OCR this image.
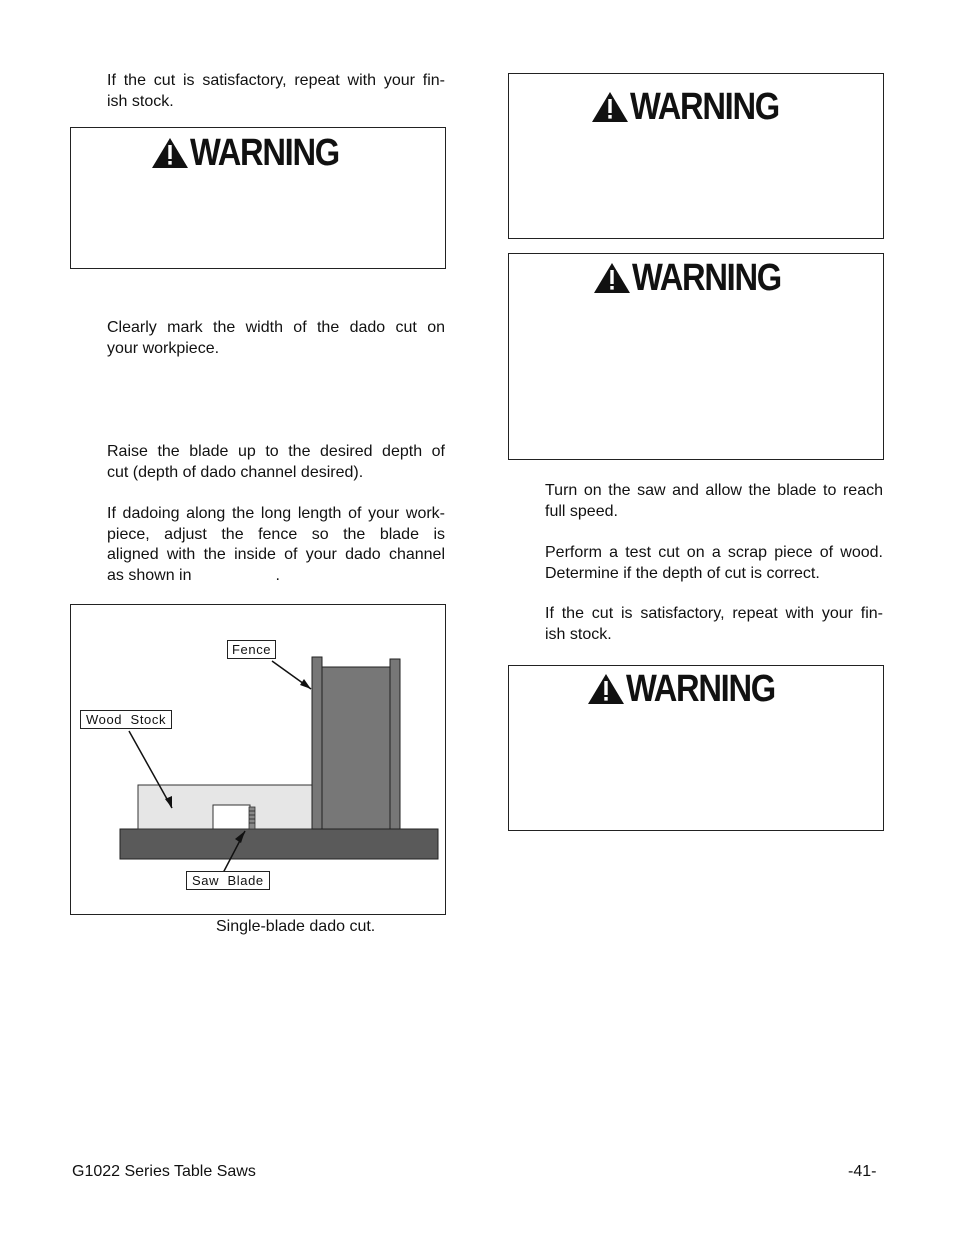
If the cut is satisfactory, repeat with your fin-
ish stock.
WARNING
Clearly mark the width of the dado cut on
your workpiece.
Raise the blade up to the desired depth of
cut (depth of dado channel desired).
If dadoing along the long length of your work-
piece, adjust the fence so the blade is
aligned with the inside of your dado channel
as shown in	.
Fence
Wood  Stock
Saw  Blade
Single-blade dado cut.
WARNING
WARNING
Turn on the saw and allow the blade to reach
full speed.
Perform a test cut on a scrap piece of wood.
Determine if the depth of cut is correct.
If the cut is satisfactory, repeat with your fin-
ish stock.
WARNING
G1022 Series Table Saws	-41-
